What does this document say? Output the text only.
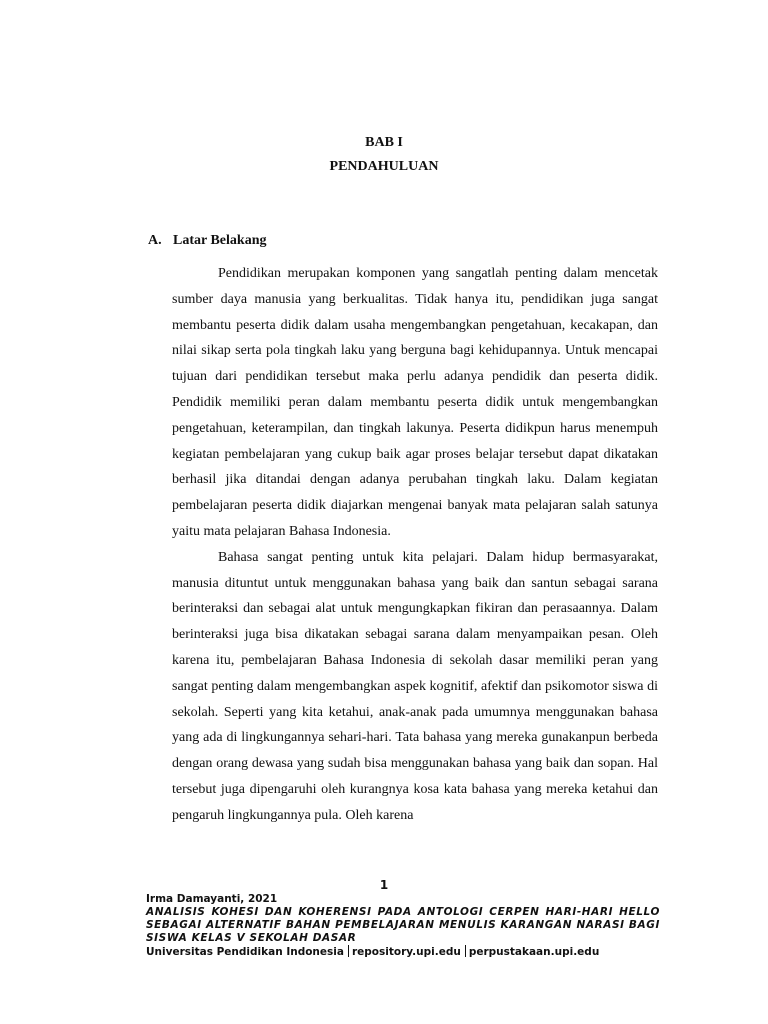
BAB I
PENDAHULUAN
A. Latar Belakang

Pendidikan merupakan komponen yang sangatlah penting dalam mencetak sumber daya manusia yang berkualitas. Tidak hanya itu, pendidikan juga sangat membantu peserta didik dalam usaha mengembangkan pengetahuan, kecakapan, dan nilai sikap serta pola tingkah laku yang berguna bagi kehidupannya. Untuk mencapai tujuan dari pendidikan tersebut maka perlu adanya pendidik dan peserta didik. Pendidik memiliki peran dalam membantu peserta didik untuk mengembangkan pengetahuan, keterampilan, dan tingkah lakunya. Peserta didikpun harus menempuh kegiatan pembelajaran yang cukup baik agar proses belajar tersebut dapat dikatakan berhasil jika ditandai dengan adanya perubahan tingkah laku. Dalam kegiatan pembelajaran peserta didik diajarkan mengenai banyak mata pelajaran salah satunya yaitu mata pelajaran Bahasa Indonesia.

Bahasa sangat penting untuk kita pelajari. Dalam hidup bermasyarakat, manusia dituntut untuk menggunakan bahasa yang baik dan santun sebagai sarana berinteraksi dan sebagai alat untuk mengungkapkan fikiran dan perasaannya. Dalam berinteraksi juga bisa dikatakan sebagai sarana dalam menyampaikan pesan. Oleh karena itu, pembelajaran Bahasa Indonesia di sekolah dasar memiliki peran yang sangat penting dalam mengembangkan aspek kognitif, afektif dan psikomotor siswa di sekolah. Seperti yang kita ketahui, anak-anak pada umumnya menggunakan bahasa yang ada di lingkungannya sehari-hari. Tata bahasa yang mereka gunakanpun berbeda dengan orang dewasa yang sudah bisa menggunakan bahasa yang baik dan sopan. Hal tersebut juga dipengaruhi oleh kurangnya kosa kata bahasa yang mereka ketahui dan pengaruh lingkungannya pula. Oleh karena

1
Irma Damayanti, 2021
ANALISIS KOHESI DAN KOHERENSI PADA ANTOLOGI CERPEN HARI-HARI HELLO SEBAGAI ALTERNATIF BAHAN PEMBELAJARAN MENULIS KARANGAN NARASI BAGI SISWA KELAS V SEKOLAH DASAR
Universitas Pendidikan Indonesia repository.upi.edu perpustakaan.upi.edu
